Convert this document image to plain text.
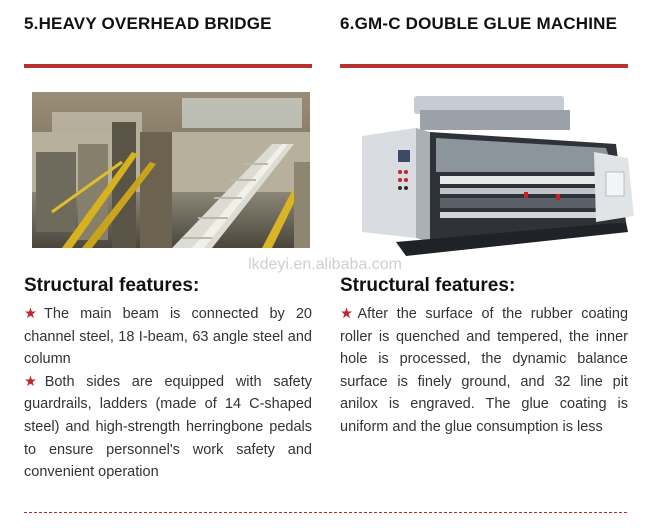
5.HEAVY OVERHEAD BRIDGE
Structural features:

★The main beam is connected by 20 channel steel, 18 I-beam, 63 angle steel and column

★Both sides are equipped with safety guardrails, ladders (made of 14 C-shaped steel) and high-strength herringbone pedals to ensure personnel's work safety and convenient operation

6.GM-C DOUBLE GLUE MACHINE
Structural features:

★After the surface of the rubber coating roller is quenched and tempered, the inner hole is processed, the dynamic balance surface is finely ground, and 32 line pit anilox is engraved. The glue coating is uniform and the glue consumption is less

lkdeyi.en.alibaba.com
